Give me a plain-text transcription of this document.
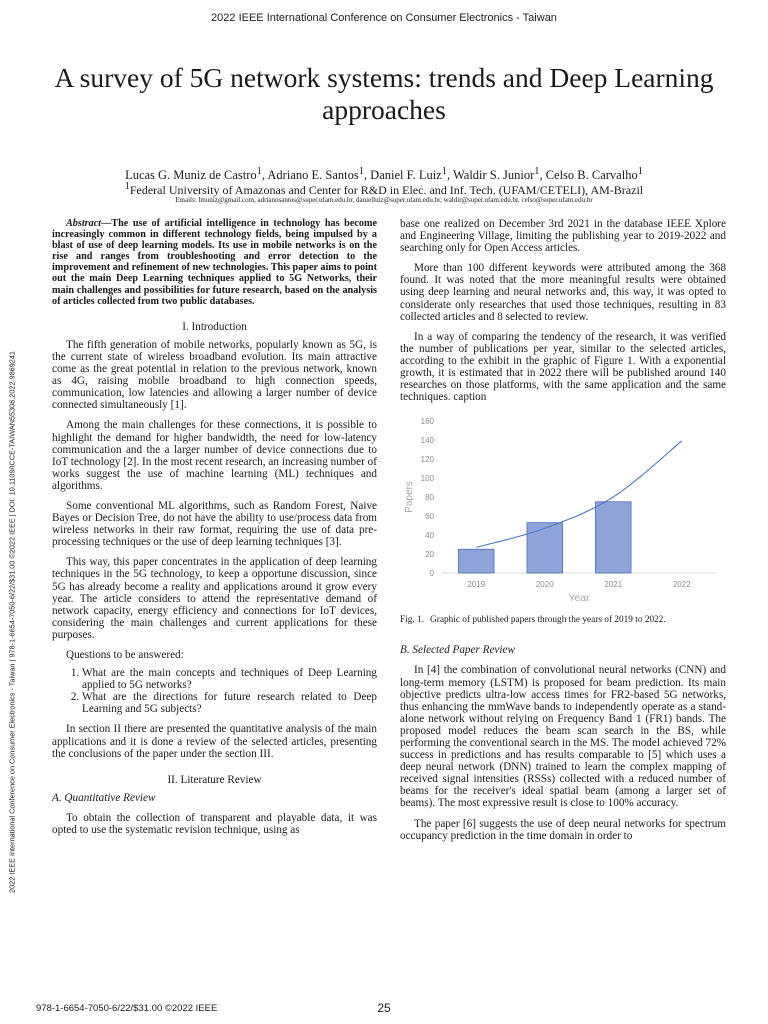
2022 IEEE International Conference on Consumer Electronics - Taiwan
A survey of 5G network systems: trends and Deep Learning approaches
Lucas G. Muniz de Castro$^1$, Adriano E. Santos$^1$, Daniel F. Luiz$^1$, Waldir S. Junior$^1$, Celso B. Carvalho$^1$
$^1$Federal University of Amazonas and Center for R&D in Elec. and Inf. Tech. (UFAM/CETELI), AM-Brazil
Emails: lmuniz@gmail.com, adrianosantos@super.ufam.edu.br, danielluiz@super.ufam.edu.br, waldir@super.ufam.edu.br, celso@super.ufam.edu.br
2022 IEEE International Conference on Consumer Electronics - Taiwan | 978-1-6654-7050-6/22/$31.00 ©2022 IEEE | DOI: 10.1109/ICCE-TAIWAN55306.2022.9869241

Abstract—The use of artificial intelligence in technology has become increasingly common in different technology fields, being impulsed by a blast of use of deep learning models. Its use in mobile networks is on the rise and ranges from troubleshooting and error detection to the improvement and refinement of new technologies. This paper aims to point out the main Deep Learning techniques applied to 5G Networks, their main challenges and possibilities for future research, based on the analysis of articles collected from two public databases.

I. Introduction

The fifth generation of mobile networks, popularly known as 5G, is the current state of wireless broadband evolution. Its main attractive come as the great potential in relation to the previous network, known as 4G, raising mobile broadband to high connection speeds, communication, low latencies and allowing a larger number of device connected simultaneously [1].

Among the main challenges for these connections, it is possible to highlight the demand for higher bandwidth, the need for low-latency communication and the a larger number of device connections due to IoT technology [2]. In the most recent research, an increasing number of works suggest the use of machine learning (ML) techniques and algorithms.

Some conventional ML algorithms, such as Random Forest, Naive Bayes or Decision Tree, do not have the ability to use/process data from wireless networks in their raw format, requiring the use of data pre-processing techniques or the use of deep learning techniques [3].

This way, this paper concentrates in the application of deep learning techniques in the 5G technology, to keep a opportune discussion, since 5G has already become a reality and applications around it grow every year. The article considers to attend the representative demand of network capacity, energy efficiency and connections for IoT devices, considering the main challenges and current applications for these purposes.

Questions to be answered:

1. What are the main concepts and techniques of Deep Learning applied to 5G networks?
2. What are the directions for future research related to Deep Learning and 5G subjects?

In section II there are presented the quantitative analysis of the main applications and it is done a review of the selected articles, presenting the conclusions of the paper under the section III.

II. Literature Review
A. Quantitative Review

To obtain the collection of transparent and playable data, it was opted to use the systematic revision technique, using as

base one realized on December 3rd 2021 in the database IEEE Xplore and Engineering Village, limiting the publishing year to 2019-2022 and searching only for Open Access articles.

More than 100 different keywords were attributed among the 368 found. It was noted that the more meaningful results were obtained using deep learning and neural networks and, this way, it was opted to considerate only researches that used those techniques, resulting in 83 collected articles and 8 selected to review.

In a way of comparing the tendency of the research, it was verified the number of publications per year, similar to the selected articles, according to the exhibit in the graphic of Figure 1. With a exponential growth, it is estimated that in 2022 there will be published around 140 researches on those platforms, with the same application and the same techniques. caption

0
20
40
60
80
100
120
140
160
2019	2020	2021	2022
Papers
Year

Fig. 1. Graphic of published papers through the years of 2019 to 2022.

B. Selected Paper Review

In [4] the combination of convolutional neural networks (CNN) and long-term memory (LSTM) is proposed for beam prediction. Its main objective predicts ultra-low access times for FR2-based 5G networks, thus enhancing the mmWave bands to independently operate as a stand-alone network without relying on Frequency Band 1 (FR1) bands. The proposed model reduces the beam scan search in the BS, while performing the conventional search in the MS. The model achieved 72% success in predictions and has results comparable to [5] which uses a deep neural network (DNN) trained to learn the complex mapping of received signal intensities (RSSs) collected with a reduced number of beams for the receiver's ideal spatial beam (among a larger set of beams). The most expressive result is close to 100% accuracy.

The paper [6] suggests the use of deep neural networks for spectrum occupancy prediction in the time domain in order to

978-1-6654-7050-6/22/$31.00 ©2022 IEEE	25
